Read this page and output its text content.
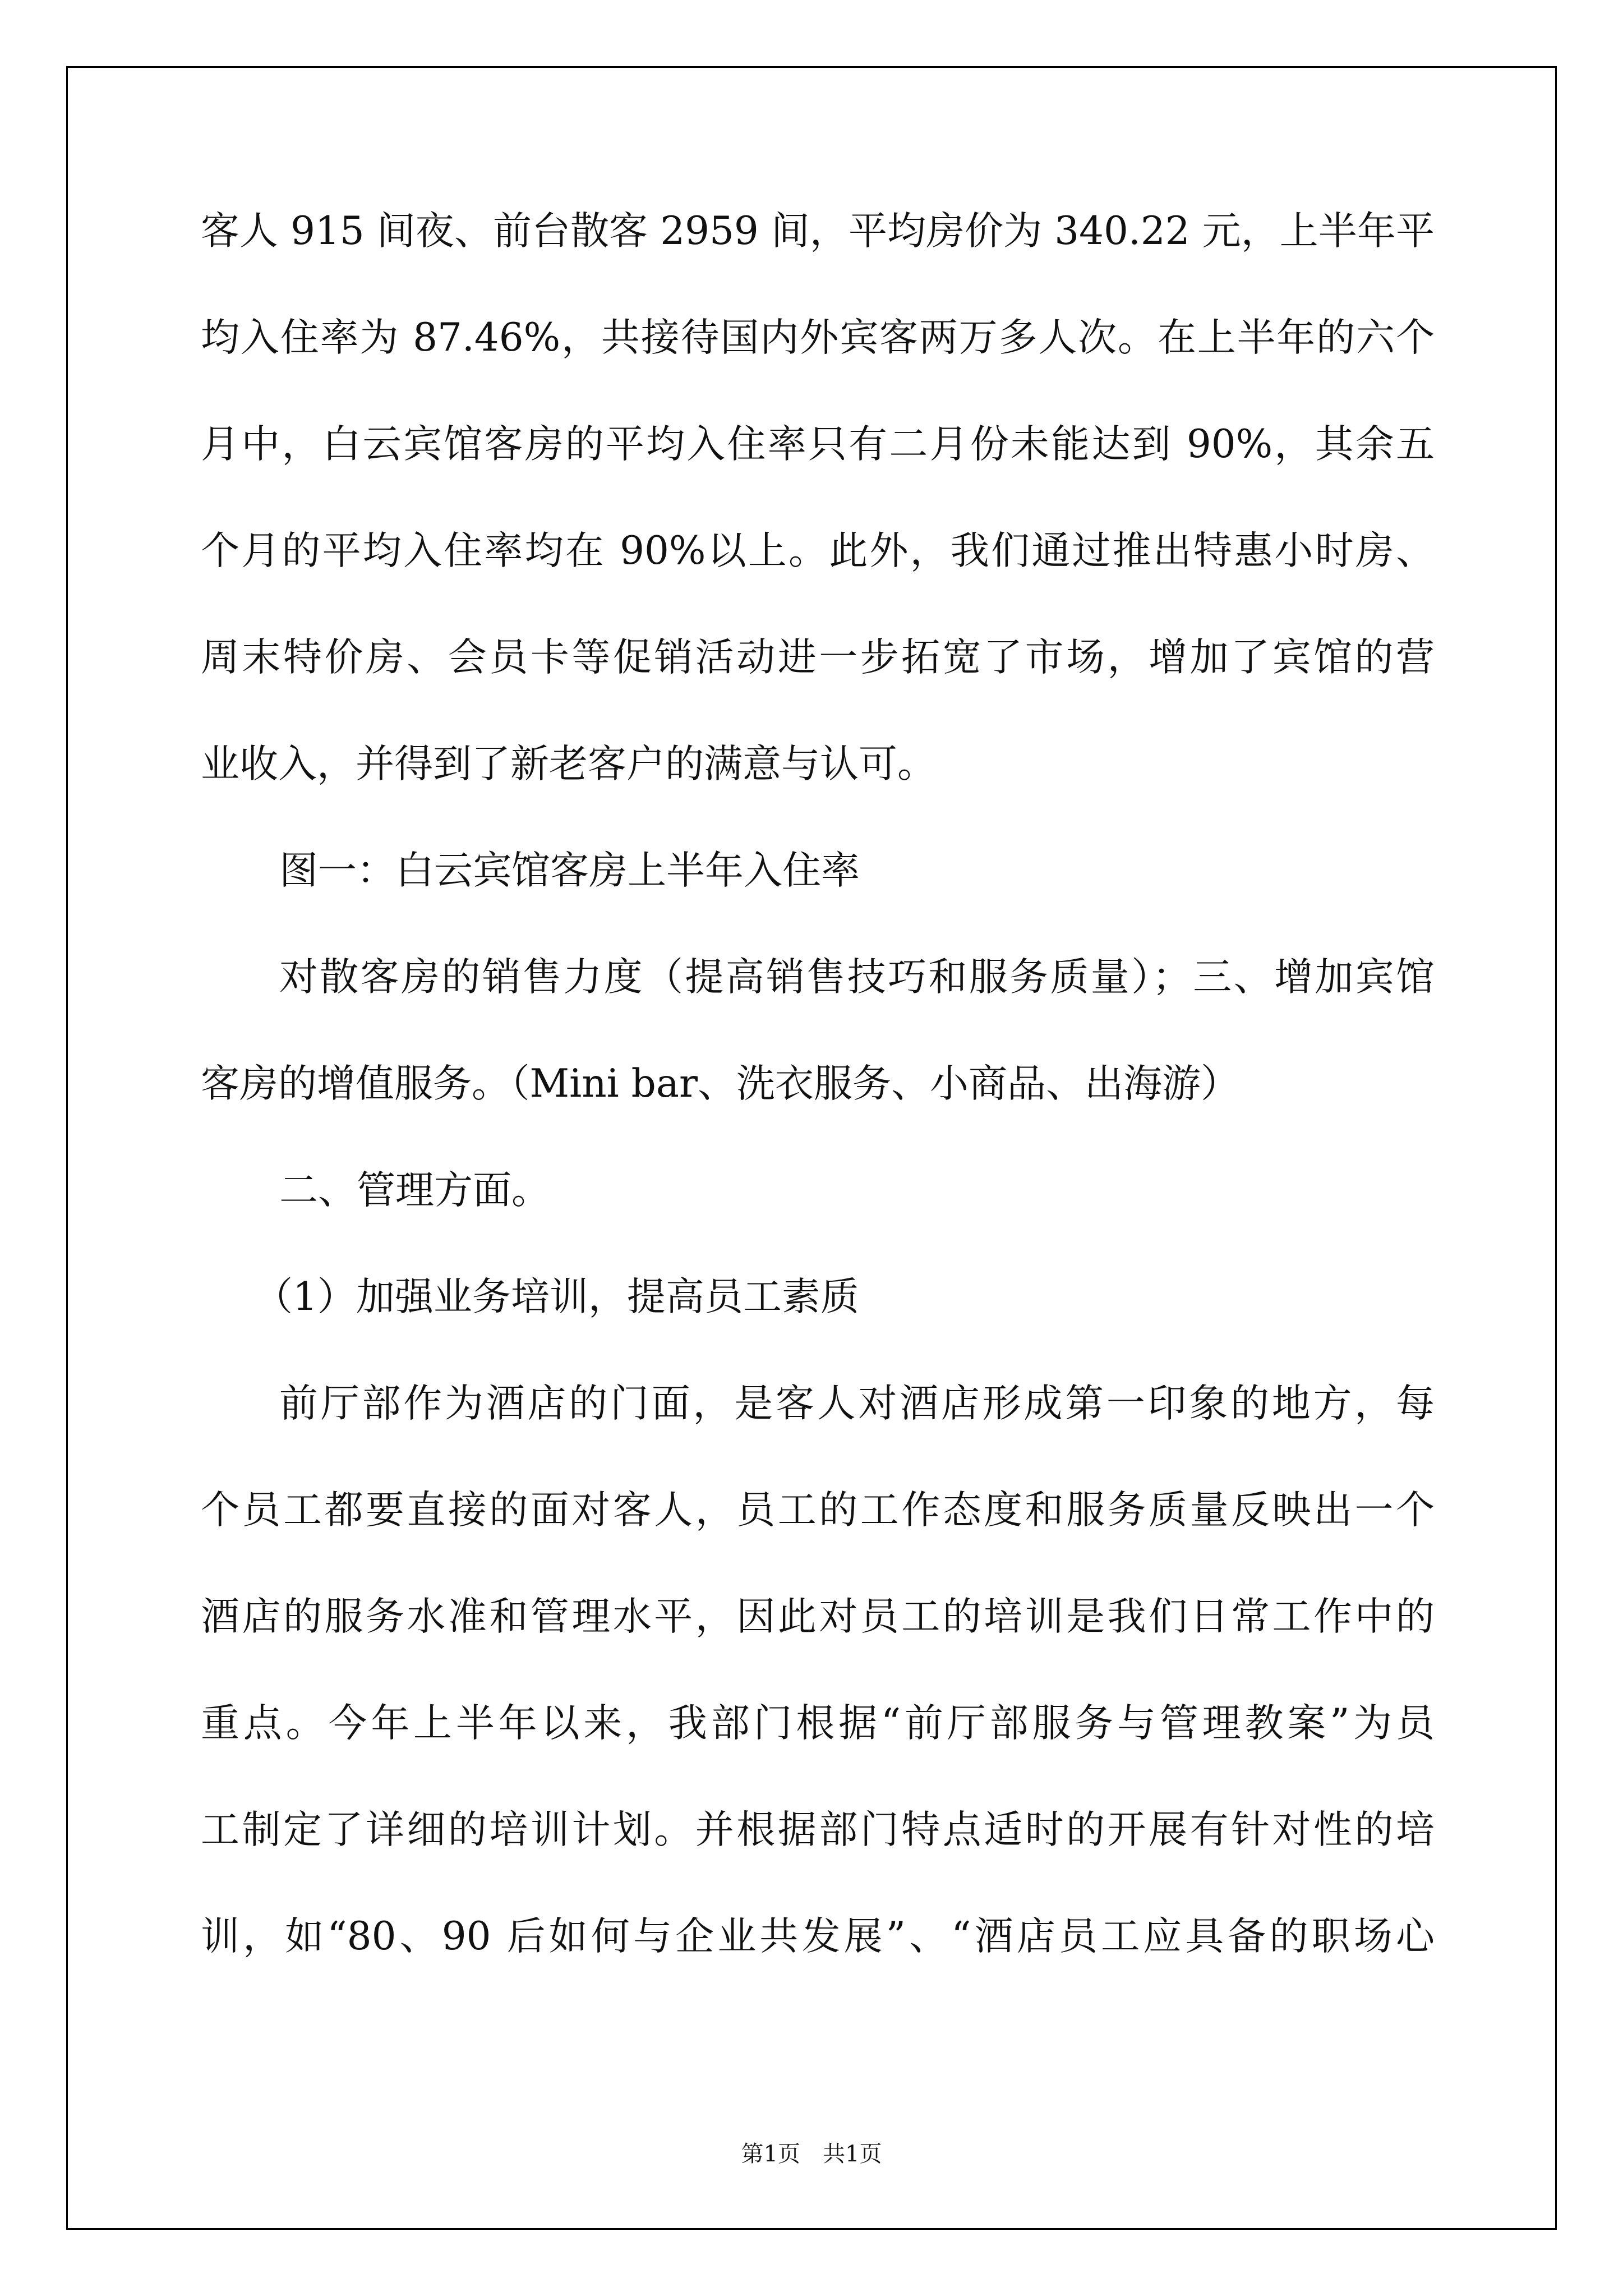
客人 915 间夜、前台散客 2959 间，平均房价为 340.22 元，上半年平
均入住率为 87.46%，共接待国内外宾客两万多人次。在上半年的六个
月中，白云宾馆客房的平均入住率只有二月份未能达到 90%，其余五
个月的平均入住率均在 90%以上。此外，我们通过推出特惠小时房、
周末特价房、会员卡等促销活动进一步拓宽了市场，增加了宾馆的营
业收入，并得到了新老客户的满意与认可。
图一：白云宾馆客房上半年入住率
对散客房的销售力度（提高销售技巧和服务质量）；三、增加宾馆
客房的增值服务。（Mini bar、洗衣服务、小商品、出海游）
二、管理方面。
（1）加强业务培训，提高员工素质
前厅部作为酒店的门面，是客人对酒店形成第一印象的地方，每
个员工都要直接的面对客人，员工的工作态度和服务质量反映出一个
酒店的服务水准和管理水平，因此对员工的培训是我们日常工作中的
重点。今年上半年以来，我部门根据“前厅部服务与管理教案”为员
工制定了详细的培训计划。并根据部门特点适时的开展有针对性的培
训，如“80、90 后如何与企业共发展”、“酒店员工应具备的职场心
第1页　共1页
